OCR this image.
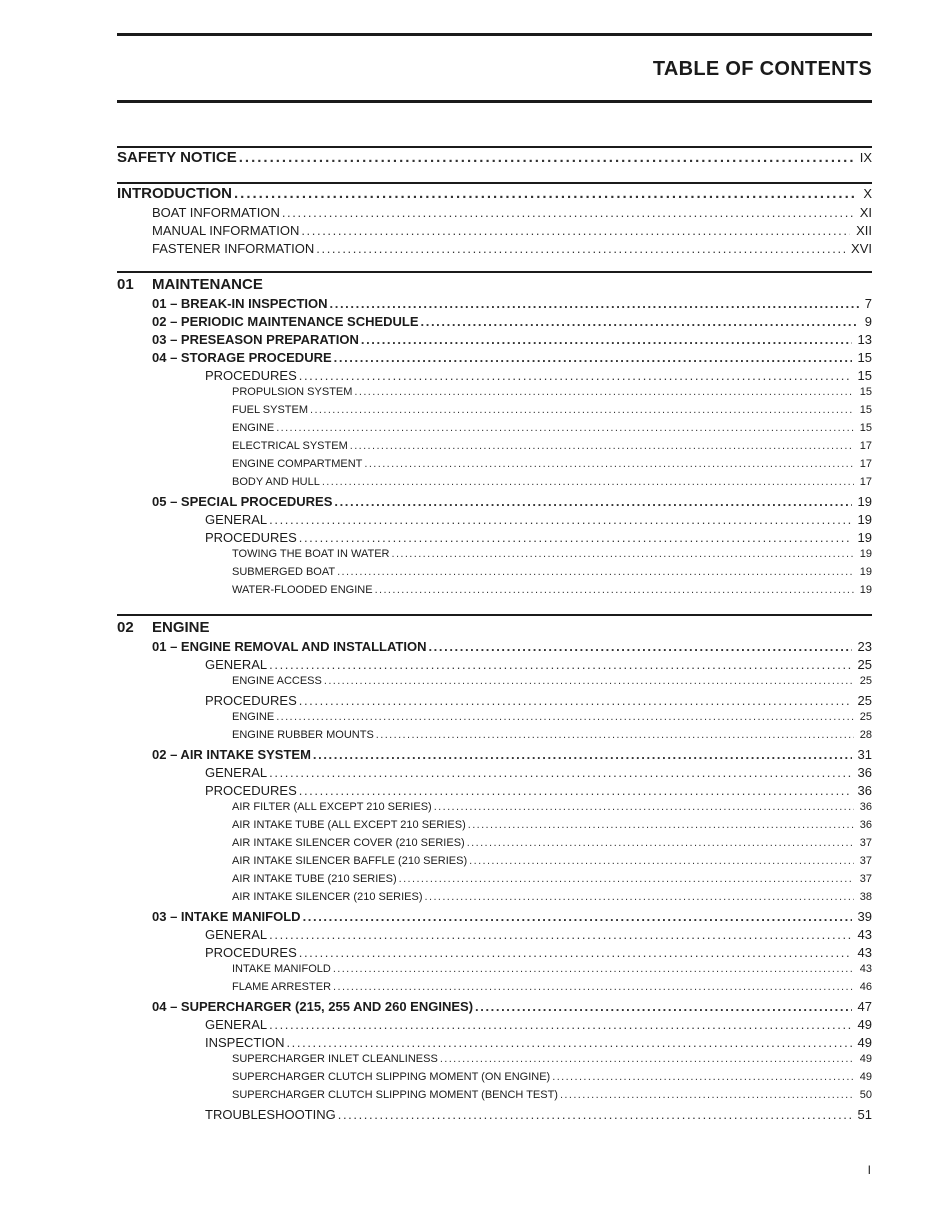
TABLE OF CONTENTS
SAFETY NOTICE .....	IX
INTRODUCTION .....	X
BOAT INFORMATION .....	XI
MANUAL INFORMATION .....	XII
FASTENER INFORMATION .....	XVI
01 MAINTENANCE
01 – BREAK-IN INSPECTION .....	7
02 – PERIODIC MAINTENANCE SCHEDULE .....	9
03 – PRESEASON PREPARATION .....	13
04 – STORAGE PROCEDURE .....	15
PROCEDURES .....	15
PROPULSION SYSTEM .....	15
FUEL SYSTEM .....	15
ENGINE .....	15
ELECTRICAL SYSTEM .....	17
ENGINE COMPARTMENT .....	17
BODY AND HULL .....	17
05 – SPECIAL PROCEDURES .....	19
GENERAL .....	19
PROCEDURES .....	19
TOWING THE BOAT IN WATER .....	19
SUBMERGED BOAT .....	19
WATER-FLOODED ENGINE .....	19
02 ENGINE
01 – ENGINE REMOVAL AND INSTALLATION .....	23
GENERAL .....	25
ENGINE ACCESS .....	25
PROCEDURES .....	25
ENGINE .....	25
ENGINE RUBBER MOUNTS .....	28
02 – AIR INTAKE SYSTEM .....	31
GENERAL .....	36
PROCEDURES .....	36
AIR FILTER (ALL EXCEPT 210 SERIES) .....	36
AIR INTAKE TUBE (ALL EXCEPT 210 SERIES) .....	36
AIR INTAKE SILENCER COVER (210 SERIES) .....	37
AIR INTAKE SILENCER BAFFLE (210 SERIES) .....	37
AIR INTAKE TUBE (210 SERIES) .....	37
AIR INTAKE SILENCER (210 SERIES) .....	38
03 – INTAKE MANIFOLD .....	39
GENERAL .....	43
PROCEDURES .....	43
INTAKE MANIFOLD .....	43
FLAME ARRESTER .....	46
04 – SUPERCHARGER (215, 255 AND 260 ENGINES) .....	47
GENERAL .....	49
INSPECTION .....	49
SUPERCHARGER INLET CLEANLINESS .....	49
SUPERCHARGER CLUTCH SLIPPING MOMENT (ON ENGINE) .....	49
SUPERCHARGER CLUTCH SLIPPING MOMENT (BENCH TEST) .....	50
TROUBLESHOOTING .....	51
I
